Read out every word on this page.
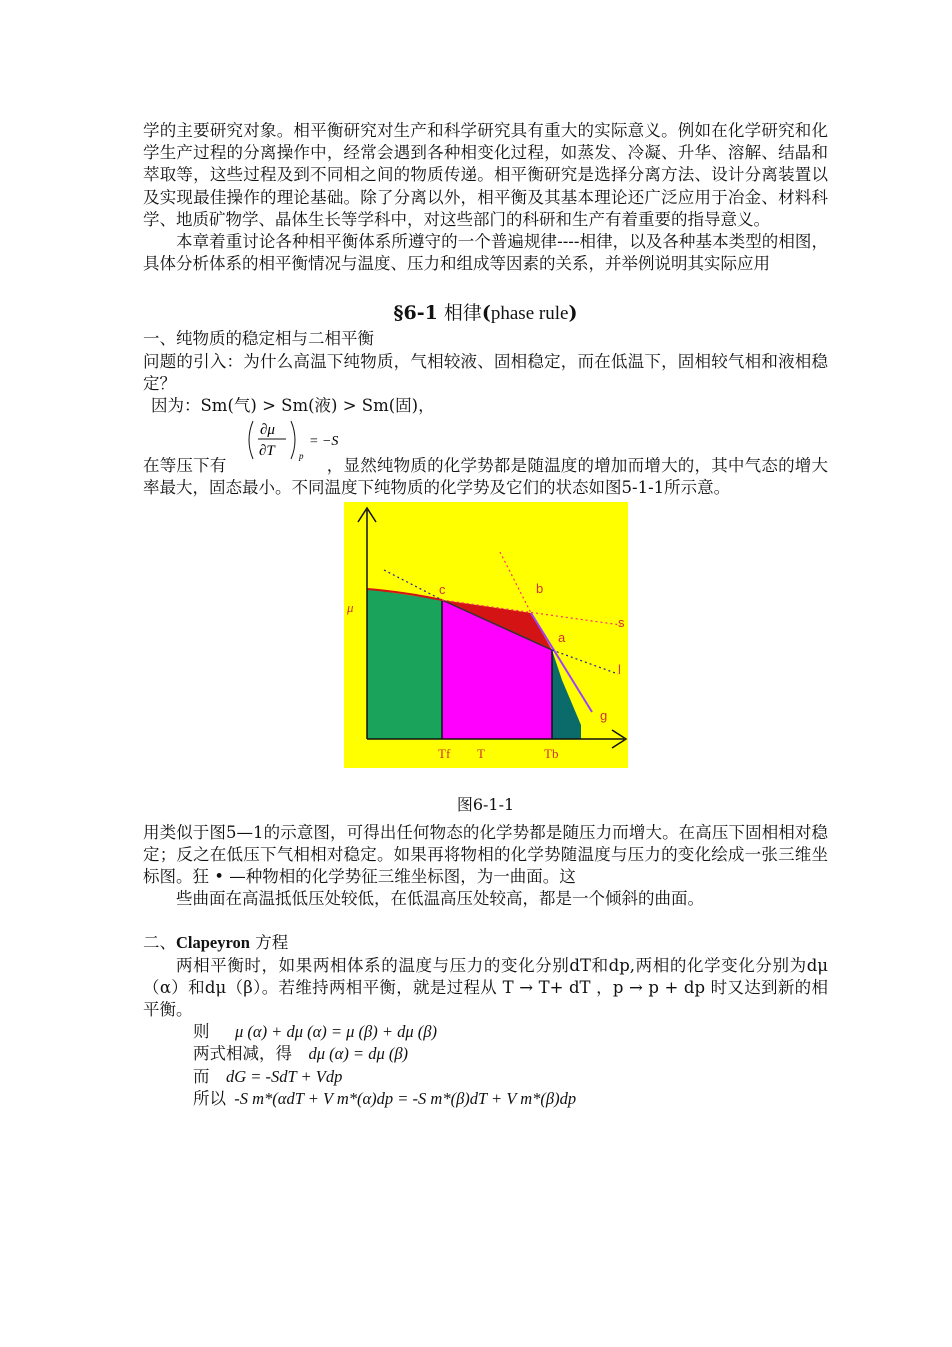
学的主要研究对象。相平衡研究对生产和科学研究具有重大的实际意义。例如在化学研究和化学生产过程的分离操作中，经常会遇到各种相变化过程，如蒸发、冷凝、升华、溶解、结晶和萃取等，这些过程及到不同相之间的物质传递。相平衡研究是选择分离方法、设计分离装置以及实现最佳操作的理论基础。除了分离以外，相平衡及其基本理论还广泛应用于冶金、材料科学、地质矿物学、晶体生长等学科中，对这些部门的科研和生产有着重要的指导意义。

本章着重讨论各种相平衡体系所遵守的一个普遍规律----相律，以及各种基本类型的相图，具体分析体系的相平衡情况与温度、压力和组成等因素的关系，并举例说明其实际应用

§6-1 相律(phase rule)

一、纯物质的稳定相与二相平衡

问题的引入：为什么高温下纯物质，气相较液、固相稳定，而在低温下，固相较气相和液相稳定？

因为：Sm(气) > Sm(液) > Sm(固)，

∂μ
∂T	p
= −S

在等压下有	，显然纯物质的化学势都是随温度的增加而增大的，其中气态的增大率最大，固态最小。不同温度下纯物质的化学势及它们的状态如图5-1-1所示意。

μ
c	b
s
a
l
g
Tf T	Tb

图6-1-1

用类似于图5—1的示意图，可得出任何物态的化学势都是随压力而增大。在高压下固相相对稳定；反之在低压下气相相对稳定。如果再将物相的化学势随温度与压力的变化绘成一张三维坐标图。狂 • —种物相的化学势征三维坐标图，为一曲面。这

些曲面在高温抵低压处较低，在低温高压处较高，都是一个倾斜的曲面。

二、Clapeyron 方程

两相平衡时，如果两相体系的温度与压力的变化分别dT和dp,两相的化学变化分别为dμ（α）和dμ（β）。若维持两相平衡，就是过程从 T → T+ dT ，p → p + dp 时又达到新的相平衡。

则 μ (α) + dμ (α) = μ (β) + dμ (β)

两式相减，得  dμ (α) = dμ (β)

而  dG = -SdT + Vdp

所以  -S m*(αdT + V m*(α)dp = -S m*(β)dT + V m*(β)dp
